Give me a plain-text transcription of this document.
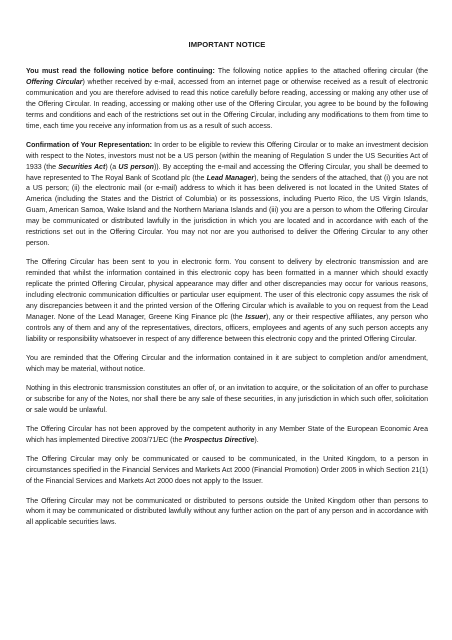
IMPORTANT NOTICE

You must read the following notice before continuing: The following notice applies to the attached offering circular (the Offering Circular) whether received by e-mail, accessed from an internet page or otherwise received as a result of electronic communication and you are therefore advised to read this notice carefully before reading, accessing or making any other use of the Offering Circular. In reading, accessing or making other use of the Offering Circular, you agree to be bound by the following terms and conditions and each of the restrictions set out in the Offering Circular, including any modifications to them from time to time, each time you receive any information from us as a result of such access.

Confirmation of Your Representation: In order to be eligible to review this Offering Circular or to make an investment decision with respect to the Notes, investors must not be a US person (within the meaning of Regulation S under the US Securities Act of 1933 (the Securities Act) (a US person)). By accepting the e-mail and accessing the Offering Circular, you shall be deemed to have represented to The Royal Bank of Scotland plc (the Lead Manager), being the senders of the attached, that (i) you are not a US person; (ii) the electronic mail (or e-mail) address to which it has been delivered is not located in the United States of America (including the States and the District of Columbia) or its possessions, including Puerto Rico, the US Virgin Islands, Guam, American Samoa, Wake Island and the Northern Mariana Islands and (iii) you are a person to whom the Offering Circular may be communicated or distributed lawfully in the jurisdiction in which you are located and in accordance with each of the restrictions set out in the Offering Circular. You may not nor are you authorised to deliver the Offering Circular to any other person.

The Offering Circular has been sent to you in electronic form. You consent to delivery by electronic transmission and are reminded that whilst the information contained in this electronic copy has been formatted in a manner which should exactly replicate the printed Offering Circular, physical appearance may differ and other discrepancies may occur for various reasons, including electronic communication difficulties or particular user equipment. The user of this electronic copy assumes the risk of any discrepancies between it and the printed version of the Offering Circular which is available to you on request from the Lead Manager. None of the Lead Manager, Greene King Finance plc (the Issuer), any or their respective affiliates, any person who controls any of them and any of the representatives, directors, officers, employees and agents of any such person accepts any liability or responsibility whatsoever in respect of any difference between this electronic copy and the printed Offering Circular.

You are reminded that the Offering Circular and the information contained in it are subject to completion and/or amendment, which may be material, without notice.

Nothing in this electronic transmission constitutes an offer of, or an invitation to acquire, or the solicitation of an offer to purchase or subscribe for any of the Notes, nor shall there be any sale of these securities, in any jurisdiction in which such offer, solicitation or sale would be unlawful.

The Offering Circular has not been approved by the competent authority in any Member State of the European Economic Area which has implemented Directive 2003/71/EC (the Prospectus Directive).

The Offering Circular may only be communicated or caused to be communicated, in the United Kingdom, to a person in circumstances specified in the Financial Services and Markets Act 2000 (Financial Promotion) Order 2005 in which Section 21(1) of the Financial Services and Markets Act 2000 does not apply to the Issuer.

The Offering Circular may not be communicated or distributed to persons outside the United Kingdom other than persons to whom it may be communicated or distributed lawfully without any further action on the part of any person and in accordance with all applicable securities laws.
